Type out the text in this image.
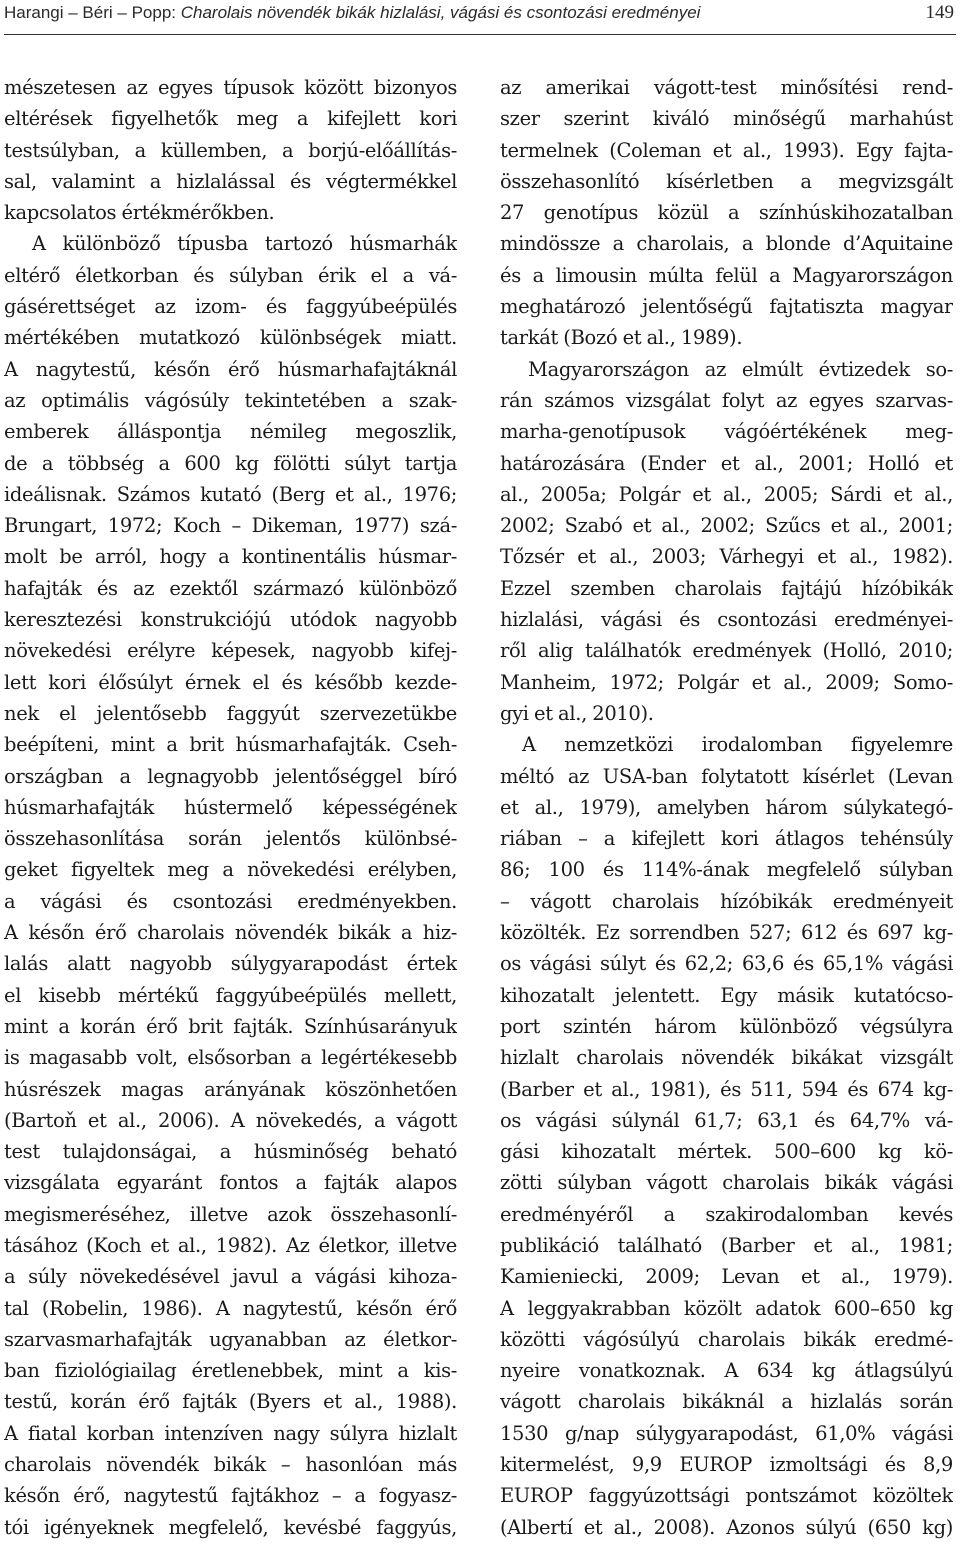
Harangi – Béri – Popp: Charolais növendék bikák hizlalási, vágási és csontozási eredményei	149
mészetesen az egyes típusok között bizonyos
eltérések figyelhetők meg a kifejlett kori
testsúlyban, a küllemben, a borjú-előállítás-
sal, valamint a hizlalással és végtermékkel
kapcsolatos értékmérőkben.
A különböző típusba tartozó húsmarhák
eltérő életkorban és súlyban érik el a vá-
gásérettséget az izom- és faggyúbeépülés
mértékében mutatkozó különbségek miatt.
A nagytestű, későn érő húsmarhafajtáknál
az optimális vágósúly tekintetében a szak-
emberek álláspontja némileg megoszlik,
de a többség a 600 kg fölötti súlyt tartja
ideálisnak. Számos kutató (Berg et al., 1976;
Brungart, 1972; Koch – Dikeman, 1977) szá-
molt be arról, hogy a kontinentális húsmar-
hafajták és az ezektől származó különböző
keresztezési konstrukciójú utódok nagyobb
növekedési erélyre képesek, nagyobb kifej-
lett kori élősúlyt érnek el és később kezde-
nek el jelentősebb faggyút szervezetükbe
beépíteni, mint a brit húsmarhafajták. Cseh-
országban a legnagyobb jelentőséggel bíró
húsmarhafajták hústermelő képességének
összehasonlítása során jelentős különbsé-
geket figyeltek meg a növekedési erélyben,
a vágási és csontozási eredményekben.
A későn érő charolais növendék bikák a hiz-
lalás alatt nagyobb súlygyarapodást értek
el kisebb mértékű faggyúbeépülés mellett,
mint a korán érő brit fajták. Színhúsarányuk
is magasabb volt, elsősorban a legértékesebb
húsrészek magas arányának köszönhetően
(Bartoň et al., 2006). A növekedés, a vágott
test tulajdonságai, a húsminőség beható
vizsgálata egyaránt fontos a fajták alapos
megismeréséhez, illetve azok összehasonlí-
tásához (Koch et al., 1982). Az életkor, illetve
a súly növekedésével javul a vágási kihoza-
tal (Robelin, 1986). A nagytestű, későn érő
szarvasmarhafajták ugyanabban az életkor-
ban fiziológiailag éretlenebbek, mint a kis-
testű, korán érő fajták (Byers et al., 1988).
A fiatal korban intenzíven nagy súlyra hizlalt
charolais növendék bikák – hasonlóan más
későn érő, nagytestű fajtákhoz – a fogyasz-
tói igényeknek megfelelő, kevésbé faggyús,
az amerikai vágott-test minősítési rend-
szer szerint kiváló minőségű marhahúst
termelnek (Coleman et al., 1993). Egy fajta-
összehasonlító kísérletben a megvizsgált
27 genotípus közül a színhúskihozatalban
mindössze a charolais, a blonde d’Aquitaine
és a limousin múlta felül a Magyarországon
meghatározó jelentőségű fajtatiszta magyar
tarkát (Bozó et al., 1989).
Magyarországon az elmúlt évtizedek so-
rán számos vizsgálat folyt az egyes szarvas-
marha-genotípusok vágóértékének meg-
határozására (Ender et al., 2001; Holló et
al., 2005a; Polgár et al., 2005; Sárdi et al.,
2002; Szabó et al., 2002; Szűcs et al., 2001;
Tőzsér et al., 2003; Várhegyi et al., 1982).
Ezzel szemben charolais fajtájú hízóbikák
hizlalási, vágási és csontozási eredményei-
ről alig találhatók eredmények (Holló, 2010;
Manheim, 1972; Polgár et al., 2009; Somo-
gyi et al., 2010).
A nemzetközi irodalomban figyelemre
méltó az USA-ban folytatott kísérlet (Levan
et al., 1979), amelyben három súlykategó-
riában – a kifejlett kori átlagos tehénsúly
86; 100 és 114%-ának megfelelő súlyban
– vágott charolais hízóbikák eredményeit
közölték. Ez sorrendben 527; 612 és 697 kg-
os vágási súlyt és 62,2; 63,6 és 65,1% vágási
kihozatalt jelentett. Egy másik kutatócso-
port szintén három különböző végsúlyra
hizlalt charolais növendék bikákat vizsgált
(Barber et al., 1981), és 511, 594 és 674 kg-
os vágási súlynál 61,7; 63,1 és 64,7% vá-
gási kihozatalt mértek. 500–600 kg kö-
zötti súlyban vágott charolais bikák vágási
eredményéről a szakirodalomban kevés
publikáció található (Barber et al., 1981;
Kamieniecki, 2009; Levan et al., 1979).
A leggyakrabban közölt adatok 600–650 kg
közötti vágósúlyú charolais bikák eredmé-
nyeire vonatkoznak. A 634 kg átlagsúlyú
vágott charolais bikáknál a hizlalás során
1530 g/nap súlygyarapodást, 61,0% vágási
kitermelést, 9,9 EUROP izmoltsági és 8,9
EUROP faggyúzottsági pontszámot közöltek
(Albertí et al., 2008). Azonos súlyú (650 kg)
